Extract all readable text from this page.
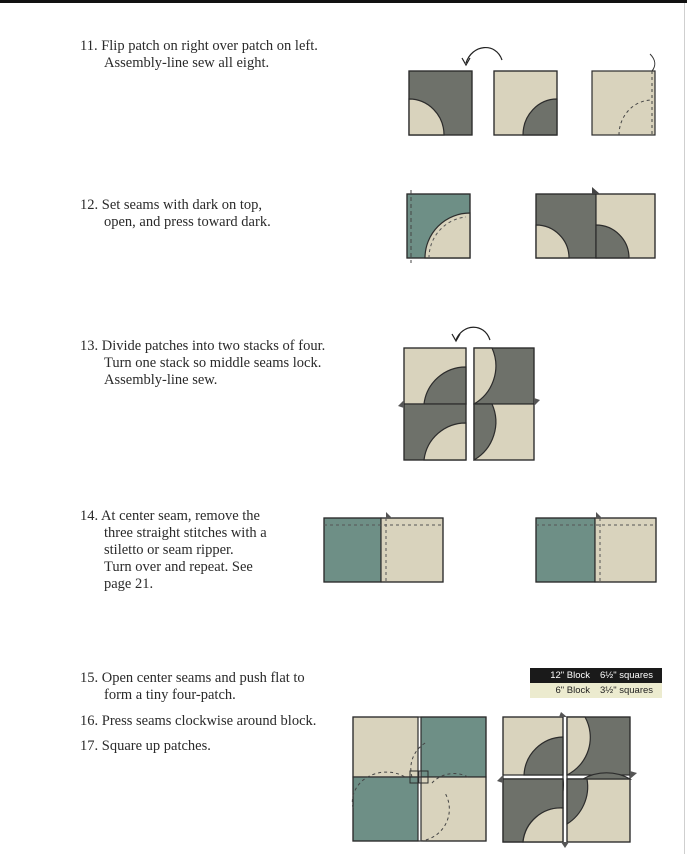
11. Flip patch on right over patch on left.
Assembly-line sew all eight.
12. Set seams with dark on top,
open, and press toward dark.
13. Divide patches into two stacks of four.
Turn one stack so middle seams lock.
Assembly-line sew.
14. At center seam, remove the
three straight stitches with a
stiletto or seam ripper.
Turn over and repeat. See
page 21.
15. Open center seams and push flat to
form a tiny four-patch.
16. Press seams clockwise around block.
17. Square up patches.
12" Block	6½" squares
6" Block	3½" squares
